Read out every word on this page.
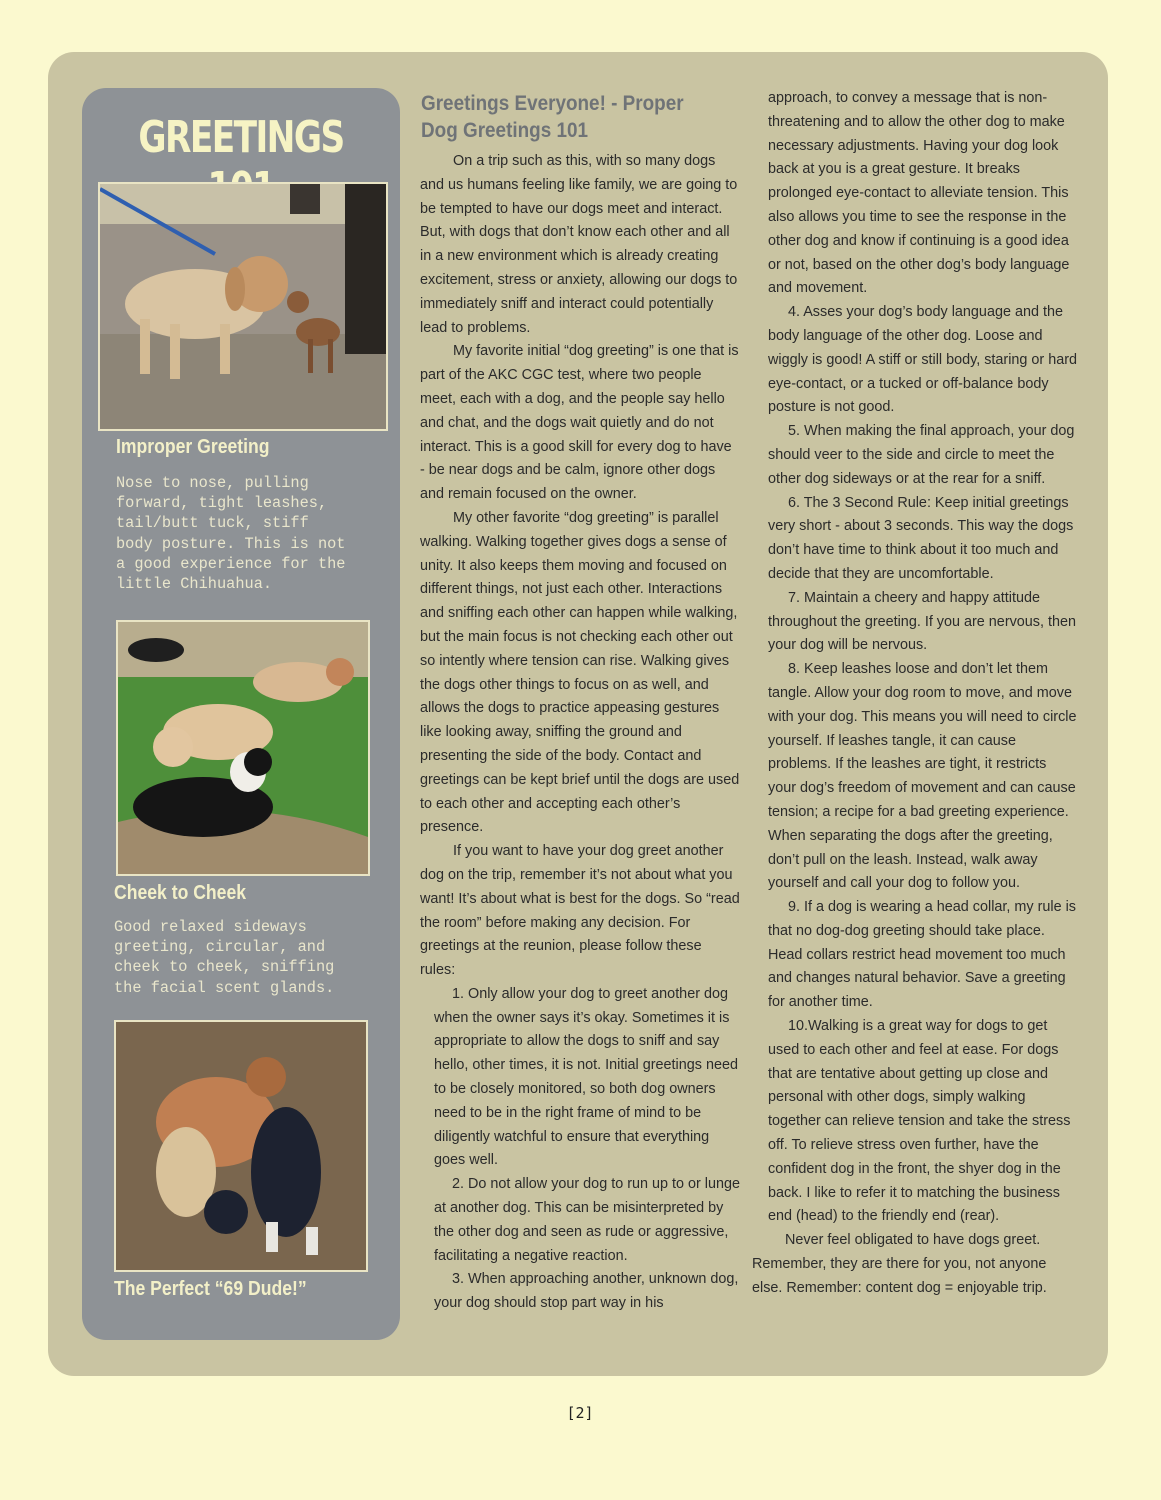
GREETINGS
Improper Greeting
Nose to nose, pulling
forward, tight leashes,
tail/butt tuck, stiff
body posture. This is not
a good experience for the
little Chihuahua.
Cheek to Cheek
Good relaxed sideways
greeting, circular, and
cheek to cheek, sniffing
the facial scent glands.
The Perfect “69 Dude!”
Greetings Everyone! - Proper Dog Greetings 101

On a trip such as this, with so many dogs and us humans feeling like family, we are going to be tempted to have our dogs meet and interact. But, with dogs that don’t know each other and all in a new environment which is already creating excitement, stress or anxiety, allowing our dogs to immediately sniff and interact could potentially lead to problems.

My favorite initial “dog greeting” is one that is part of the AKC CGC test, where two people meet, each with a dog, and the people say hello and chat, and the dogs wait quietly and do not interact. This is a good skill for every dog to have - be near dogs and be calm, ignore other dogs and remain focused on the owner.

My other favorite “dog greeting” is parallel walking. Walking together gives dogs a sense of unity. It also keeps them moving and focused on different things, not just each other. Interactions and sniffing each other can happen while walking, but the main focus is not checking each other out so intently where tension can rise. Walking gives the dogs other things to focus on as well, and allows the dogs to practice appeasing gestures like looking away, sniffing the ground and presenting the side of the body. Contact and greetings can be kept brief until the dogs are used to each other and accepting each other’s presence.

If you want to have your dog greet another dog on the trip, remember it’s not about what you want! It’s about what is best for the dogs. So “read the room” before making any decision. For greetings at the reunion, please follow these rules:

1. Only allow your dog to greet another dog when the owner says it’s okay. Sometimes it is appropriate to allow the dogs to sniff and say hello, other times, it is not. Initial greetings need to be closely monitored, so both dog owners need to be in the right frame of mind to be diligently watchful to ensure that everything goes well.

2. Do not allow your dog to run up to or lunge at another dog. This can be misinterpreted by the other dog and seen as rude or aggressive, facilitating a negative reaction.

3. When approaching another, unknown dog, your dog should stop part way in his

approach, to convey a message that is non-threatening and to allow the other dog to make necessary adjustments. Having your dog look back at you is a great gesture. It breaks prolonged eye-contact to alleviate tension. This also allows you time to see the response in the other dog and know if continuing is a good idea or not, based on the other dog’s body language and movement.

4. Asses your dog’s body language and the body language of the other dog. Loose and wiggly is good! A stiff or still body, staring or hard eye-contact, or a tucked or off-balance body posture is not good.

5. When making the final approach, your dog should veer to the side and circle to meet the other dog sideways or at the rear for a sniff.

6. The 3 Second Rule: Keep initial greetings very short - about 3 seconds. This way the dogs don’t have time to think about it too much and decide that they are uncomfortable.

7. Maintain a cheery and happy attitude throughout the greeting. If you are nervous, then your dog will be nervous.

8. Keep leashes loose and don’t let them tangle. Allow your dog room to move, and move with your dog. This means you will need to circle yourself. If leashes tangle, it can cause problems. If the leashes are tight, it restricts your dog’s freedom of movement and can cause tension; a recipe for a bad greeting experience. When separating the dogs after the greeting, don’t pull on the leash. Instead, walk away yourself and call your dog to follow you.

9. If a dog is wearing a head collar, my rule is that no dog-dog greeting should take place. Head collars restrict head movement too much and changes natural behavior. Save a greeting for another time.

10.Walking is a great way for dogs to get used to each other and feel at ease. For dogs that are tentative about getting up close and personal with other dogs, simply walking together can relieve tension and take the stress off. To relieve stress oven further, have the confident dog in the front, the shyer dog in the back. I like to refer it to matching the business end (head) to the friendly end (rear).

Never feel obligated to have dogs greet. Remember, they are there for you, not anyone else. Remember: content dog = enjoyable trip.

[2]
